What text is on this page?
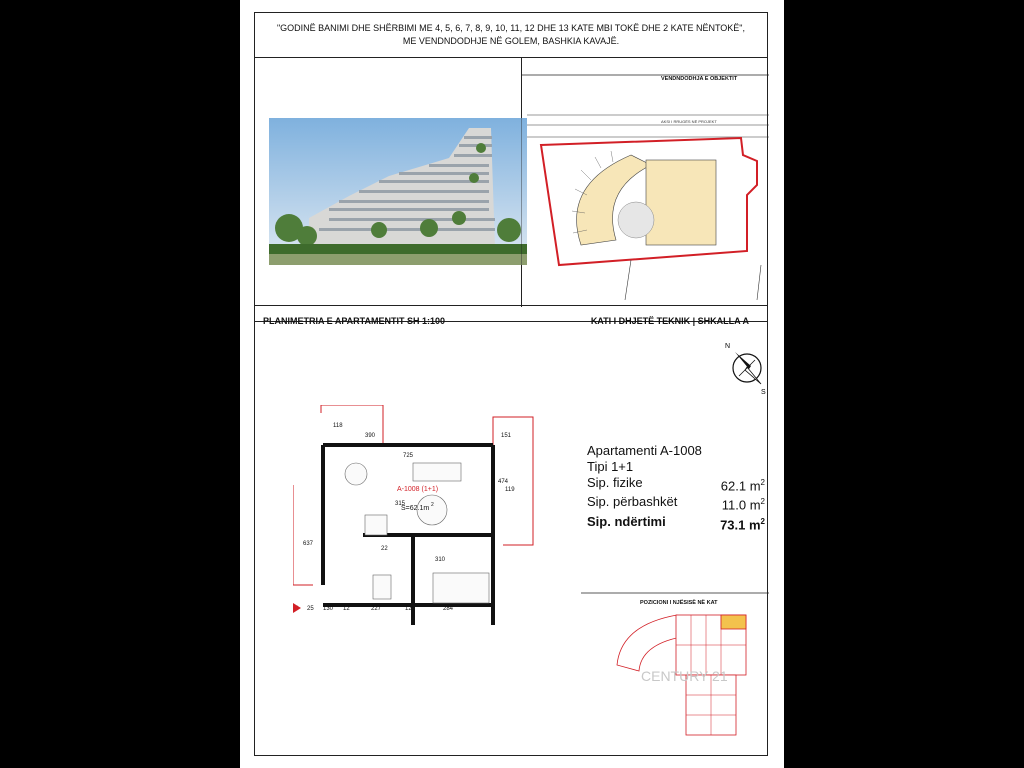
"GODINË BANIMI DHE SHËRBIMI ME 4, 5, 6, 7, 8, 9, 10, 11, 12 DHE 13 KATE MBI TOKË DHE 2 KATE NËNTOKË",
ME VENDNDODHJE NË GOLEM, BASHKIA KAVAJË.
VENDNDODHJA E OBJEKTIT
AKSI I RRUGËS NË PROJEKT
PLANIMETRIA E APARTAMENTIT SH 1:100	KATI I DHJETË TEKNIK | SHKALLA A
N
S
A-1008 (1+1)
S=62.1m 2
390	151
118
725
315
474
119
637
310
25 130 12	227	12	284
22
Apartamenti A-1008
Tipi 1+1
Sip. fizike	62.1 $m^2$
Sip. përbashkët	11.0 $m^2$
Sip. ndërtimi	73.1 $m^2$
POZICIONI I NJËSISË NË KAT
CENTURY 21
